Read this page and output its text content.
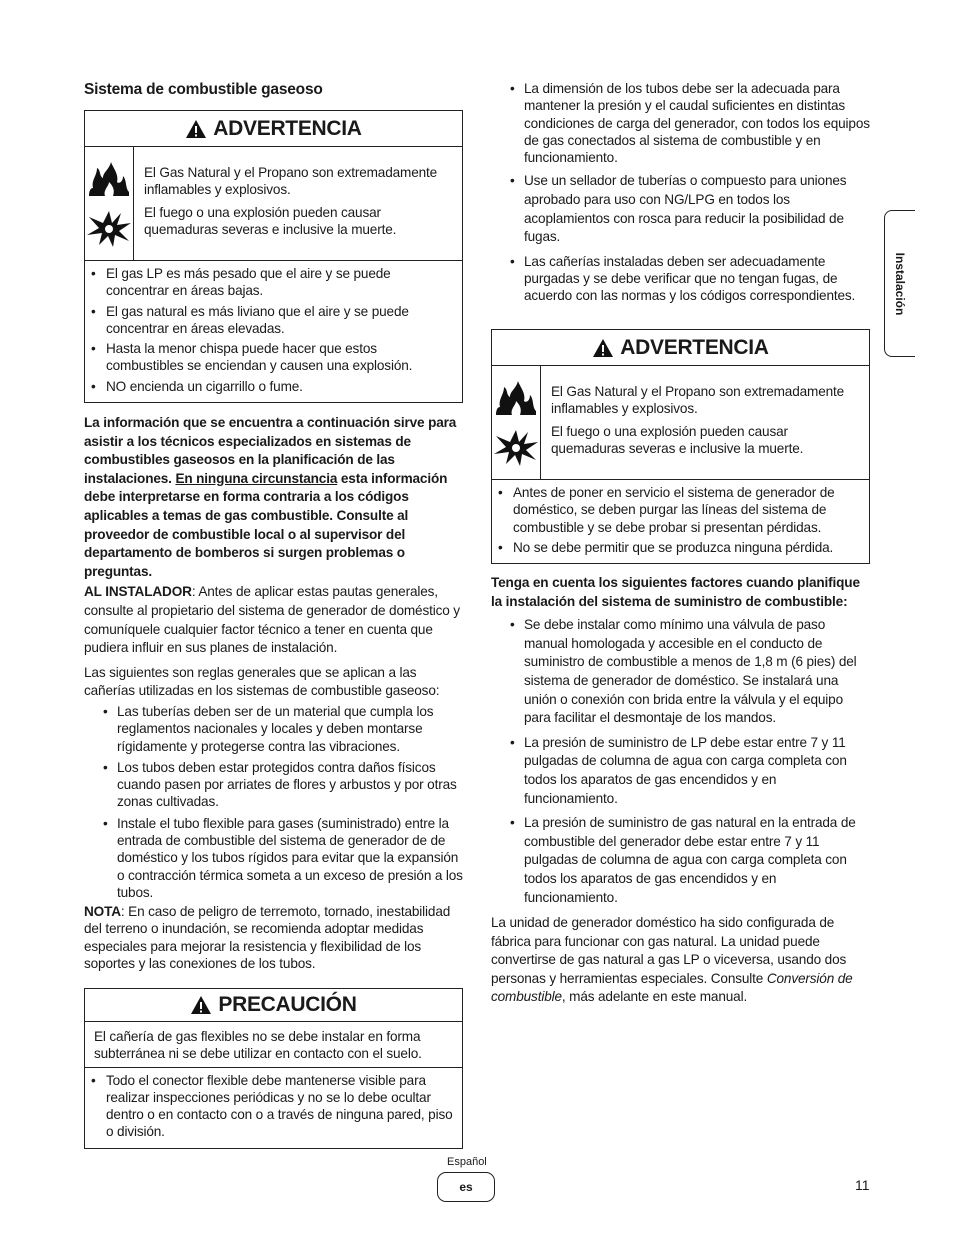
Sistema de combustible gaseoso
ADVERTENCIA

El Gas Natural y el Propano son extremadamente inflamables y explosivos.

El fuego o una explosión pueden causar quemaduras severas e inclusive la muerte.

• El gas LP es más pesado que el aire y se puede concentrar en áreas bajas.
• El gas natural es más liviano que el aire y se puede concentrar en áreas elevadas.
• Hasta la menor chispa puede hacer que estos combustibles se enciendan y causen una explosión.
• NO encienda un cigarrillo o fume.

La información que se encuentra a continuación sirve para asistir a los técnicos especializados en sistemas de combustibles gaseosos en la planificación de las instalaciones. En ninguna circunstancia esta información debe interpretarse en forma contraria a los códigos aplicables a temas de gas combustible. Consulte al proveedor de combustible local o al supervisor del departamento de bomberos si surgen problemas o preguntas.

AL INSTALADOR: Antes de aplicar estas pautas generales, consulte al propietario del sistema de generador de doméstico y comuníquele cualquier factor técnico a tener en cuenta que pudiera influir en sus planes de instalación.

Las siguientes son reglas generales que se aplican a las cañerías utilizadas en los sistemas de combustible gaseoso:

• Las tuberías deben ser de un material que cumpla los reglamentos nacionales y locales y deben montarse rígidamente y protegerse contra las vibraciones.
• Los tubos deben estar protegidos contra daños físicos cuando pasen por arriates de flores y arbustos y por otras zonas cultivadas.
• Instale el tubo flexible para gases (suministrado) entre la entrada de combustible del sistema de generador de de doméstico y los tubos rígidos para evitar que la expansión o contracción térmica someta a un exceso de presión a los tubos.

NOTA: En caso de peligro de terremoto, tornado, inestabilidad del terreno o inundación, se recomienda adoptar medidas especiales para mejorar la resistencia y flexibilidad de los soportes y las conexiones de los tubos.

PRECAUCIÓN

El cañería de gas flexibles no se debe instalar en forma subterránea ni se debe utilizar en contacto con el suelo.

• Todo el conector flexible debe mantenerse visible para realizar inspecciones periódicas y no se lo debe ocultar dentro o en contacto con o a través de ninguna pared, piso o división.
• La dimensión de los tubos debe ser la adecuada para mantener la presión y el caudal suficientes en distintas condiciones de carga del generador, con todos los equipos de gas conectados al sistema de combustible y en funcionamiento.
• Use un sellador de tuberías o compuesto para uniones aprobado para uso con NG/LPG en todos los acoplamientos con rosca para reducir la posibilidad de fugas.
• Las cañerías instaladas deben ser adecuadamente purgadas y se debe verificar que no tengan fugas, de acuerdo con las normas y los códigos correspondientes.
ADVERTENCIA

El Gas Natural y el Propano son extremadamente inflamables y explosivos.

El fuego o una explosión pueden causar quemaduras severas e inclusive la muerte.

• Antes de poner en servicio el sistema de generador de doméstico, se deben purgar las líneas del sistema de combustible y se debe probar si presentan pérdidas.
• No se debe permitir que se produzca ninguna pérdida.

Tenga en cuenta los siguientes factores cuando planifique la instalación del sistema de suministro de combustible:

• Se debe instalar como mínimo una válvula de paso manual homologada y accesible en el conducto de suministro de combustible a menos de 1,8 m (6 pies) del sistema de generador de doméstico. Se instalará una unión o conexión con brida entre la válvula y el equipo para facilitar el desmontaje de los mandos.
• La presión de suministro de LP debe estar entre 7 y 11 pulgadas de columna de agua con carga completa con todos los aparatos de gas encendidos y en funcionamiento.
• La presión de suministro de gas natural en la entrada de combustible del generador debe estar entre 7 y 11 pulgadas de columna de agua con carga completa con todos los aparatos de gas encendidos y en funcionamiento.

La unidad de generador doméstico ha sido configurada de fábrica para funcionar con gas natural. La unidad puede convertirse de gas natural a gas LP o viceversa, usando dos personas y herramientas especiales. Consulte Conversión de combustible, más adelante en este manual.

Instalación
Español
es	11
